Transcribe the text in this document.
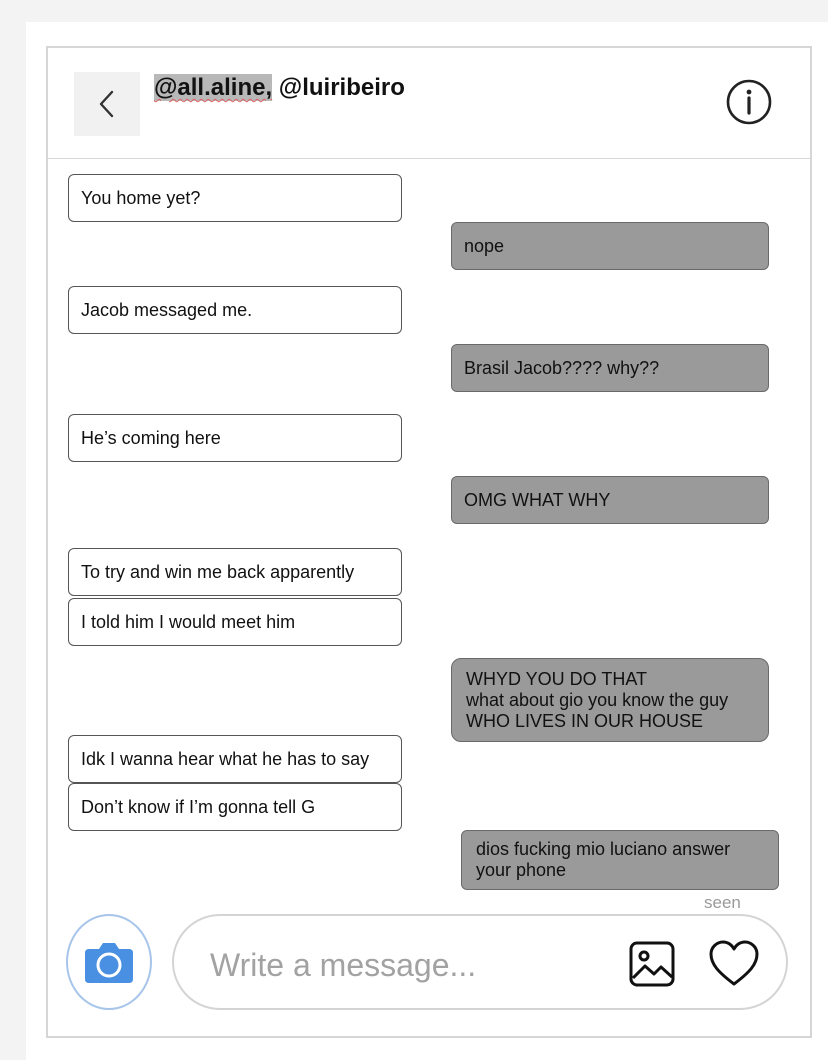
@all.aline, @luiribeiro
You home yet?
nope
Jacob messaged me.
Brasil Jacob???? why??
He’s coming here
OMG WHAT WHY
To try and win me back apparently
I told him I would meet him
WHYD YOU DO THAT
what about gio you know the guy
WHO LIVES IN OUR HOUSE
Idk I wanna hear what he has to say
Don’t know if I’m gonna tell G
dios fucking mio luciano answer
your phone
seen
Write a message...
